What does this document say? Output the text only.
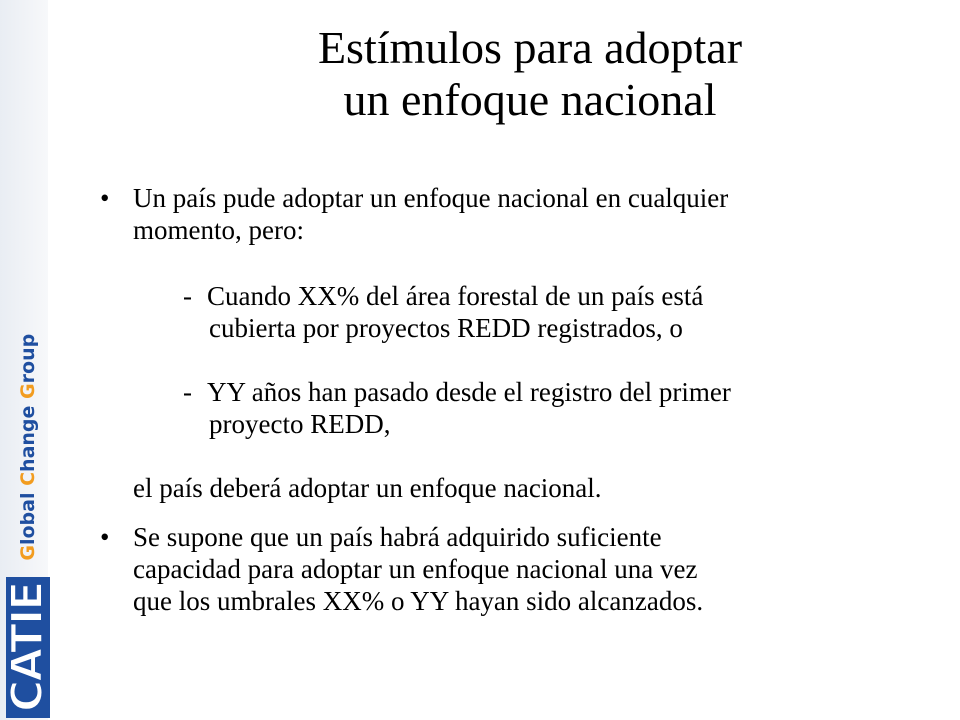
CATIE
Global Change Group
Estímulos para adoptar
un enfoque nacional
• Un país pude adoptar un enfoque nacional en cualquier
momento, pero:
- Cuando XX% del área forestal de un país está
cubierta por proyectos REDD registrados, o
- YY años han pasado desde el registro del primer
proyecto REDD,
el país deberá adoptar un enfoque nacional.
• Se supone que un país habrá adquirido suficiente
capacidad para adoptar un enfoque nacional una vez
que los umbrales XX% o YY hayan sido alcanzados.
